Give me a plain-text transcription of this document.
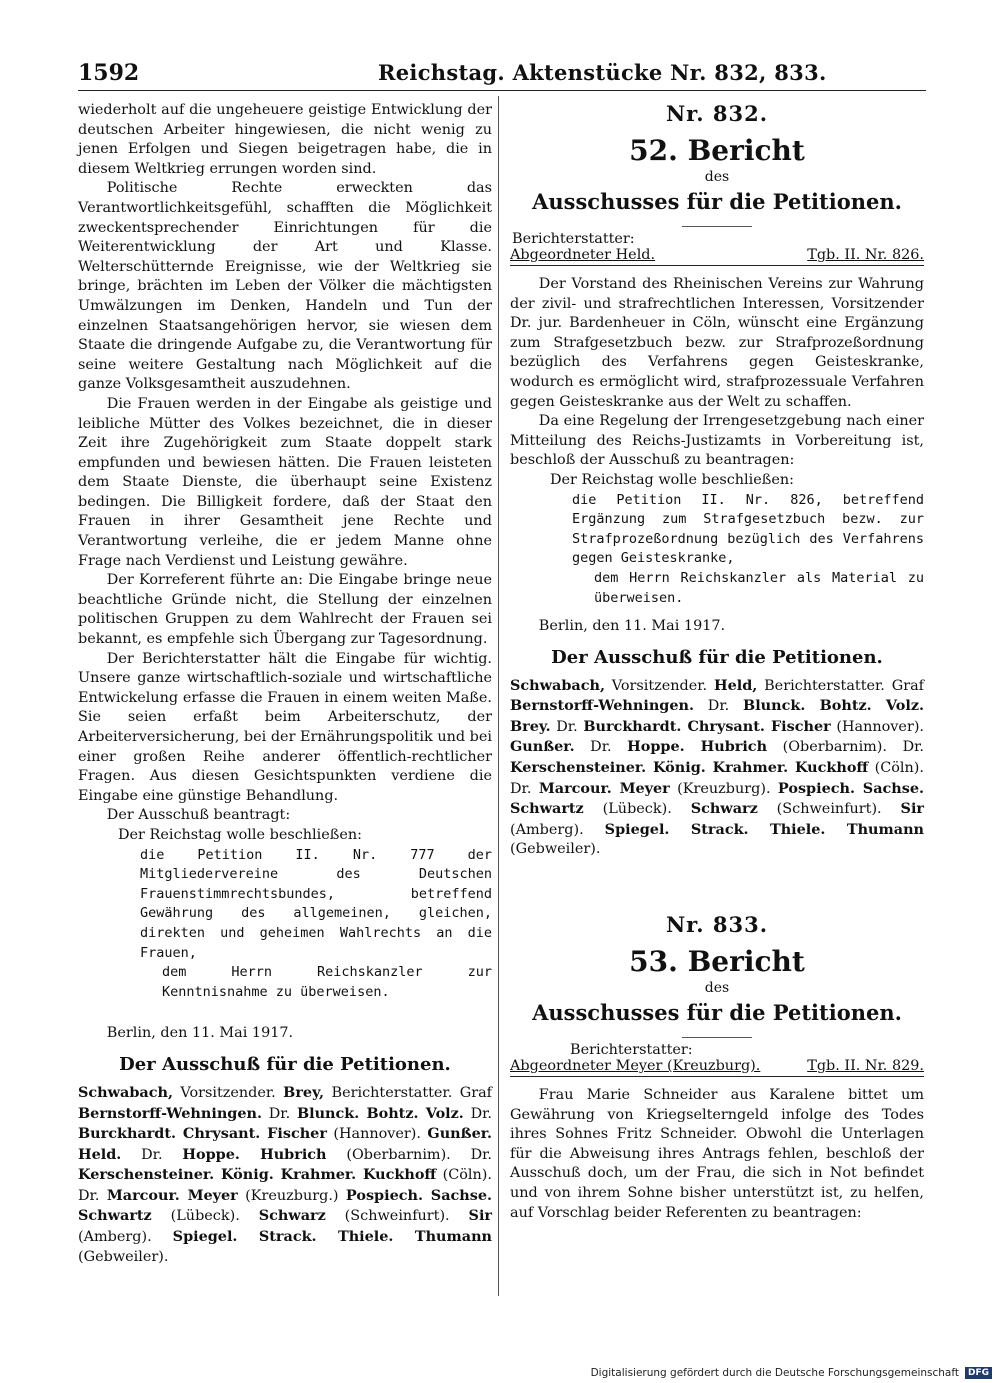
1592	Reichstag. Aktenstücke Nr. 832, 833.

wiederholt auf die ungeheuere geistige Entwicklung der deutschen Arbeiter hingewiesen, die nicht wenig zu jenen Erfolgen und Siegen beigetragen habe, die in diesem Weltkrieg errungen worden sind.

Politische Rechte erweckten das Verantwortlichkeitsgefühl, schafften die Möglichkeit zweckentsprechender Einrichtungen für die Weiterentwicklung der Art und Klasse. Welterschütternde Ereignisse, wie der Weltkrieg sie bringe, brächten im Leben der Völker die mächtigsten Umwälzungen im Denken, Handeln und Tun der einzelnen Staatsangehörigen hervor, sie wiesen dem Staate die dringende Aufgabe zu, die Verantwortung für seine weitere Gestaltung nach Möglichkeit auf die ganze Volksgesamtheit auszudehnen.

Die Frauen werden in der Eingabe als geistige und leibliche Mütter des Volkes bezeichnet, die in dieser Zeit ihre Zugehörigkeit zum Staate doppelt stark empfunden und bewiesen hätten. Die Frauen leisteten dem Staate Dienste, die überhaupt seine Existenz bedingen. Die Billigkeit fordere, daß der Staat den Frauen in ihrer Gesamtheit jene Rechte und Verantwortung verleihe, die er jedem Manne ohne Frage nach Verdienst und Leistung gewähre.

Der Korreferent führte an: Die Eingabe bringe neue beachtliche Gründe nicht, die Stellung der einzelnen politischen Gruppen zu dem Wahlrecht der Frauen sei bekannt, es empfehle sich Übergang zur Tagesordnung.

Der Berichterstatter hält die Eingabe für wichtig. Unsere ganze wirtschaftlich-soziale und wirtschaftliche Entwickelung erfasse die Frauen in einem weiten Maße. Sie seien erfaßt beim Arbeiterschutz, der Arbeiterversicherung, bei der Ernährungspolitik und bei einer großen Reihe anderer öffentlich-rechtlicher Fragen. Aus diesen Gesichtspunkten verdiene die Eingabe eine günstige Behandlung.

Der Ausschuß beantragt:

Der Reichstag wolle beschließen:

die Petition II. Nr. 777 der Mitgliedervereine des Deutschen Frauenstimmrechtsbundes, betreffend Gewährung des allgemeinen, gleichen, direkten und geheimen Wahlrechts an die Frauen,

dem Herrn Reichskanzler zur Kenntnisnahme zu überweisen.

Berlin, den 11. Mai 1917.

Der Ausschuß für die Petitionen.

Schwabach, Vorsitzender. Brey, Berichterstatter. Graf Bernstorff-Wehningen. Dr. Blunck. Bohtz. Volz. Dr. Burckhardt. Chrysant. Fischer (Hannover). Gunßer. Held. Dr. Hoppe. Hubrich (Oberbarnim). Dr. Kerschensteiner. König. Krahmer. Kuckhoff (Cöln). Dr. Marcour. Meyer (Kreuzburg.) Pospiech. Sachse. Schwartz (Lübeck). Schwarz (Schweinfurt). Sir (Amberg). Spiegel. Strack. Thiele. Thumann (Gebweiler).

Nr. 832.
52. Bericht
des
Ausschusses für die Petitionen.
Berichterstatter:
Abgeordneter Held.	Tgb. II. Nr. 826.

Der Vorstand des Rheinischen Vereins zur Wahrung der zivil- und strafrechtlichen Interessen, Vorsitzender Dr. jur. Bardenheuer in Cöln, wünscht eine Ergänzung zum Strafgesetzbuch bezw. zur Strafprozeßordnung bezüglich des Verfahrens gegen Geisteskranke, wodurch es ermöglicht wird, strafprozessuale Verfahren gegen Geisteskranke aus der Welt zu schaffen.

Da eine Regelung der Irrengesetzgebung nach einer Mitteilung des Reichs-Justizamts in Vorbereitung ist, beschloß der Ausschuß zu beantragen:

Der Reichstag wolle beschließen:

die Petition II. Nr. 826, betreffend Ergänzung zum Strafgesetzbuch bezw. zur Strafprozeßordnung bezüglich des Verfahrens gegen Geisteskranke,

dem Herrn Reichskanzler als Material zu überweisen.

Berlin, den 11. Mai 1917.

Der Ausschuß für die Petitionen.

Schwabach, Vorsitzender. Held, Berichterstatter. Graf Bernstorff-Wehningen. Dr. Blunck. Bohtz. Volz. Brey. Dr. Burckhardt. Chrysant. Fischer (Hannover). Gunßer. Dr. Hoppe. Hubrich (Oberbarnim). Dr. Kerschensteiner. König. Krahmer. Kuckhoff (Cöln). Dr. Marcour. Meyer (Kreuzburg). Pospiech. Sachse. Schwartz (Lübeck). Schwarz (Schweinfurt). Sir (Amberg). Spiegel. Strack. Thiele. Thumann (Gebweiler).

Nr. 833.
53. Bericht
des
Ausschusses für die Petitionen.
Berichterstatter:
Abgeordneter Meyer (Kreuzburg).	Tgb. II. Nr. 829.

Frau Marie Schneider aus Karalene bittet um Gewährung von Kriegselterngeld infolge des Todes ihres Sohnes Fritz Schneider. Obwohl die Unterlagen für die Abweisung ihres Antrags fehlen, beschloß der Ausschuß doch, um der Frau, die sich in Not befindet und von ihrem Sohne bisher unterstützt ist, zu helfen, auf Vorschlag beider Referenten zu beantragen:

Digitalisierung gefördert durch die Deutsche Forschungsgemeinschaft	DFG
